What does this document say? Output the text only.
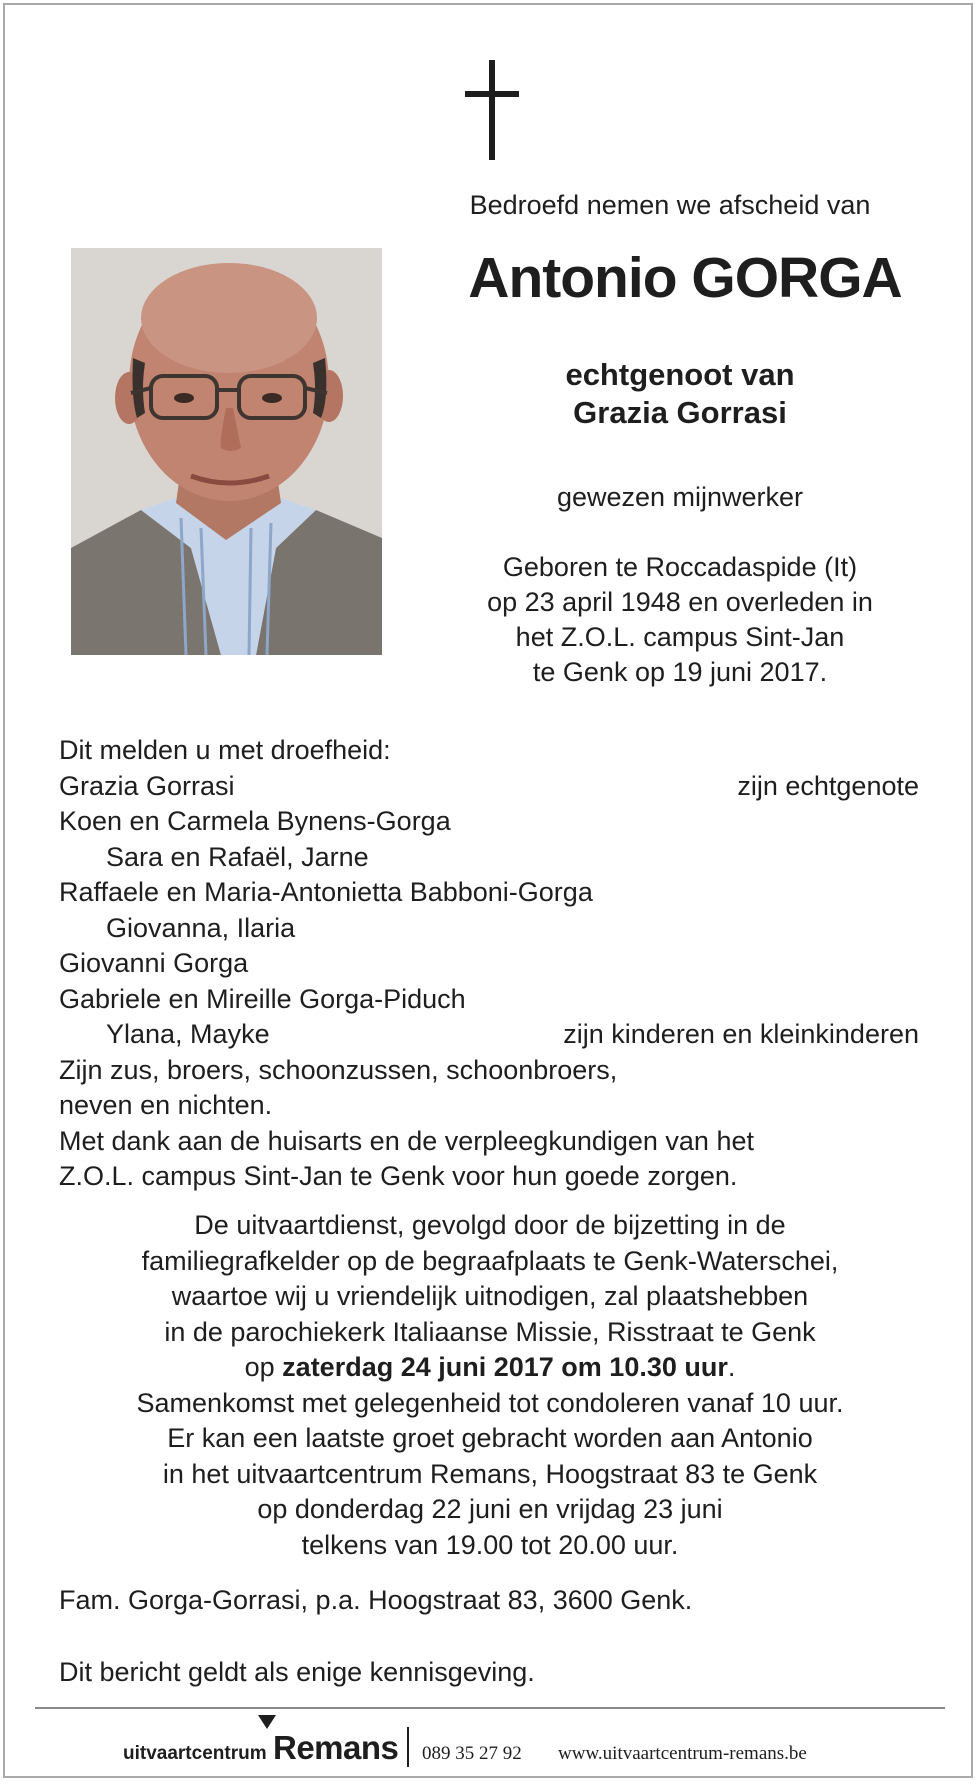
Bedroefd nemen we afscheid van
Antonio GORGA
echtgenoot van
Grazia Gorrasi
gewezen mijnwerker
Geboren te Roccadaspide (It)
op 23 april 1948 en overleden in
het Z.O.L. campus Sint-Jan
te Genk op 19 juni 2017.
Dit melden u met droefheid:
Grazia Gorrasi	zijn echtgenote
Koen en Carmela Bynens-Gorga
Sara en Rafaël, Jarne
Raffaele en Maria-Antonietta Babboni-Gorga
Giovanna, Ilaria
Giovanni Gorga
Gabriele en Mireille Gorga-Piduch
Ylana, Mayke	zijn kinderen en kleinkinderen
Zijn zus, broers, schoonzussen, schoonbroers,
neven en nichten.
Met dank aan de huisarts en de verpleegkundigen van het
Z.O.L. campus Sint-Jan te Genk voor hun goede zorgen.
De uitvaartdienst, gevolgd door de bijzetting in de
familiegrafkelder op de begraafplaats te Genk-Waterschei,
waartoe wij u vriendelijk uitnodigen, zal plaatshebben
in de parochiekerk Italiaanse Missie, Risstraat te Genk
op zaterdag 24 juni 2017 om 10.30 uur.
Samenkomst met gelegenheid tot condoleren vanaf 10 uur.
Er kan een laatste groet gebracht worden aan Antonio
in het uitvaartcentrum Remans, Hoogstraat 83 te Genk
op donderdag 22 juni en vrijdag 23 juni
telkens van 19.00 tot 20.00 uur.
Fam. Gorga-Gorrasi, p.a. Hoogstraat 83, 3600 Genk.
Dit bericht geldt als enige kennisgeving.
uitvaartcentrum Remans 089 35 27 92 www.uitvaartcentrum-remans.be
